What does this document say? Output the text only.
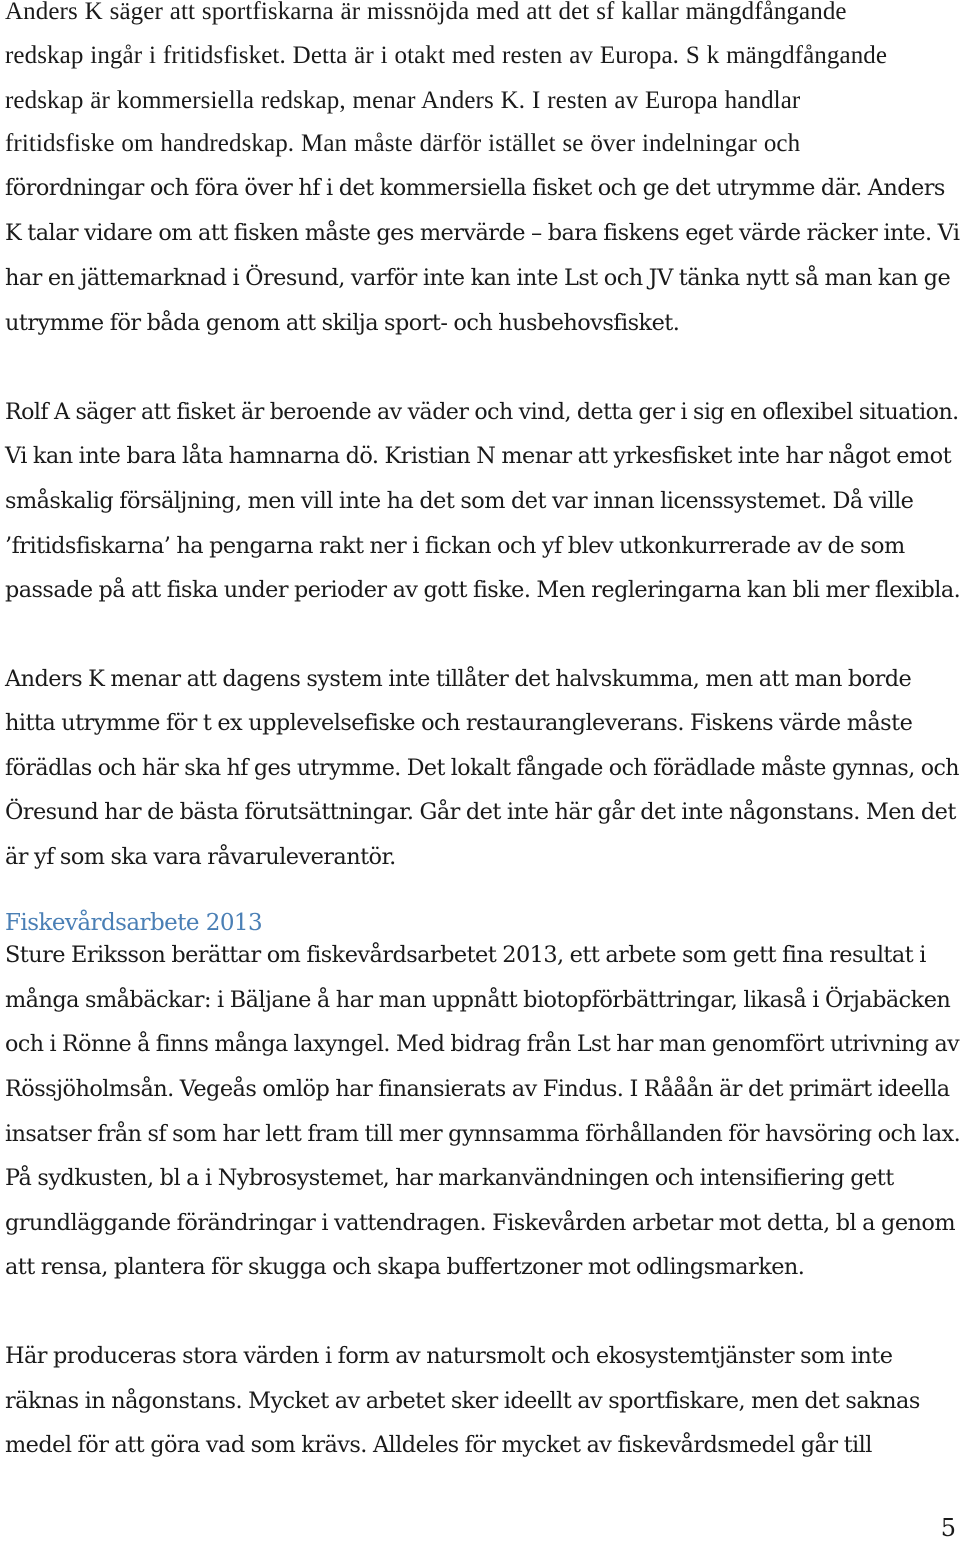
Anders K säger att sportfiskarna är missnöjda med att det sf kallar mängdfångande
redskap ingår i fritidsfisket. Detta är i otakt med resten av Europa. S k mängdfångande
redskap är kommersiella redskap, menar Anders K. I resten av Europa handlar
fritidsfiske om handredskap. Man måste därför istället se över indelningar och
förordningar och föra över hf i det kommersiella fisket och ge det utrymme där. Anders
K talar vidare om att fisken måste ges mervärde – bara fiskens eget värde räcker inte. Vi
har en jättemarknad i Öresund, varför inte kan inte Lst och JV tänka nytt så man kan ge
utrymme för båda genom att skilja sport- och husbehovsfisket.
Rolf A säger att fisket är beroende av väder och vind, detta ger i sig en oflexibel situation.
Vi kan inte bara låta hamnarna dö. Kristian N menar att yrkesfisket inte har något emot
småskalig försäljning, men vill inte ha det som det var innan licenssystemet. Då ville
’fritidsfiskarna’ ha pengarna rakt ner i fickan och yf blev utkonkurrerade av de som
passade på att fiska under perioder av gott fiske. Men regleringarna kan bli mer flexibla.
Anders K menar att dagens system inte tillåter det halvskumma, men att man borde
hitta utrymme för t ex upplevelsefiske och restaurangleverans. Fiskens värde måste
förädlas och här ska hf ges utrymme. Det lokalt fångade och förädlade måste gynnas, och
Öresund har de bästa förutsättningar. Går det inte här går det inte någonstans. Men det
är yf som ska vara råvaruleverantör.
Fiskevårdsarbete 2013
Sture Eriksson berättar om fiskevårdsarbetet 2013, ett arbete som gett fina resultat i
många småbäckar: i Bäljane å har man uppnått biotopförbättringar, likaså i Örjabäcken
och i Rönne å finns många laxyngel. Med bidrag från Lst har man genomfört utrivning av
Rössjöholmsån. Vegeås omlöp har finansierats av Findus. I Rååån är det primärt ideella
insatser från sf som har lett fram till mer gynnsamma förhållanden för havsöring och lax.
På sydkusten, bl a i Nybrosystemet, har markanvändningen och intensifiering gett
grundläggande förändringar i vattendragen. Fiskevården arbetar mot detta, bl a genom
att rensa, plantera för skugga och skapa buffertzoner mot odlingsmarken.
Här produceras stora värden i form av natursmolt och ekosystemtjänster som inte
räknas in någonstans. Mycket av arbetet sker ideellt av sportfiskare, men det saknas
medel för att göra vad som krävs. Alldeles för mycket av fiskevårdsmedel går till
5
